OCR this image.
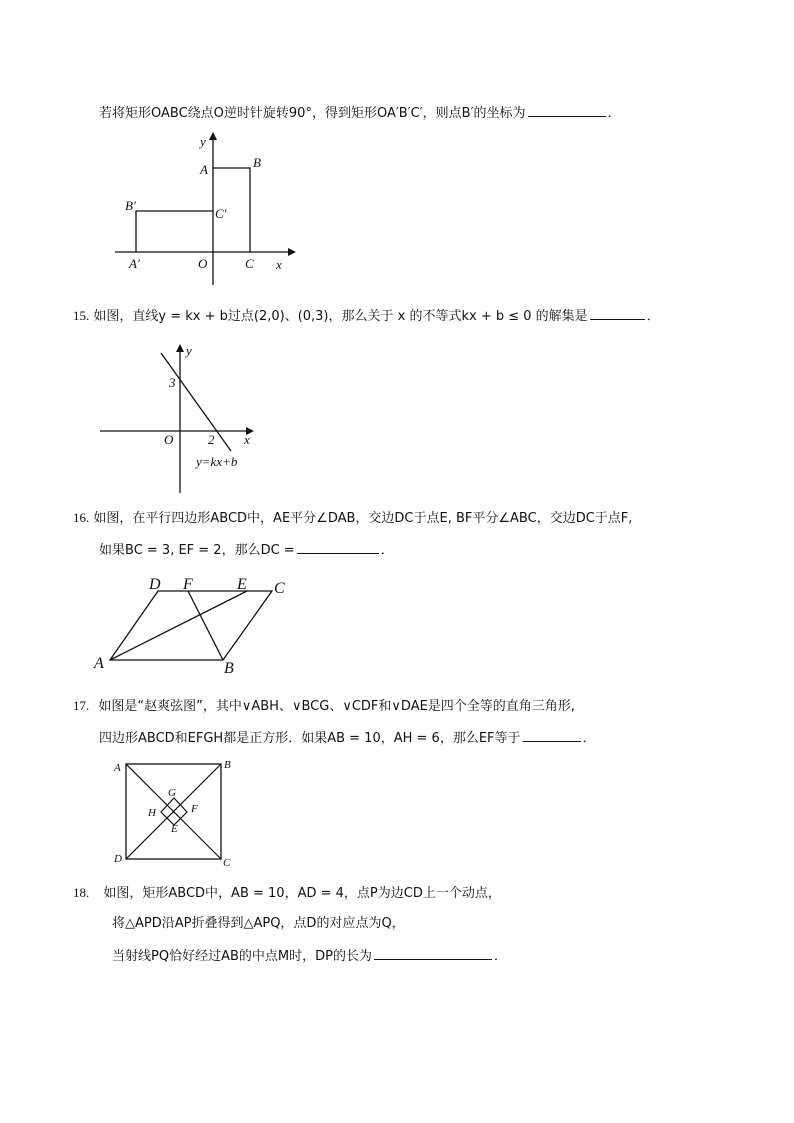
若将矩形OABC绕点O逆时针旋转90°，得到矩形OA′B′C′，则点B′的坐标为	．
y
A	B
B′
C′
A′	O	C x
15. 如图，直线y = kx + b过点(2,0)、(0,3)，那么关于 x 的不等式kx + b ≤ 0 的解集是	．
y
3
O	2 x
y=kx+b
16. 如图，在平行四边形ABCD中，AE平分∠DAB，交边DC于点E, BF平分∠ABC，交边DC于点F,
如果BC = 3, EF = 2，那么DC =	．
D F	E C
A	B
17. 如图是“赵爽弦图”，其中∨ABH、∨BCG、∨CDF和∨DAE是四个全等的直角三角形,
四边形ABCD和EFGH都是正方形．如果AB = 10，AH = 6，那么EF等于	．
A	B
G
H	F
E
D	C
18. 如图，矩形ABCD中，AB = 10，AD = 4，点P为边CD上一个动点，
将△APD沿AP折叠得到△APQ，点D的对应点为Q，
当射线PQ恰好经过AB的中点M时，DP的长为	．
